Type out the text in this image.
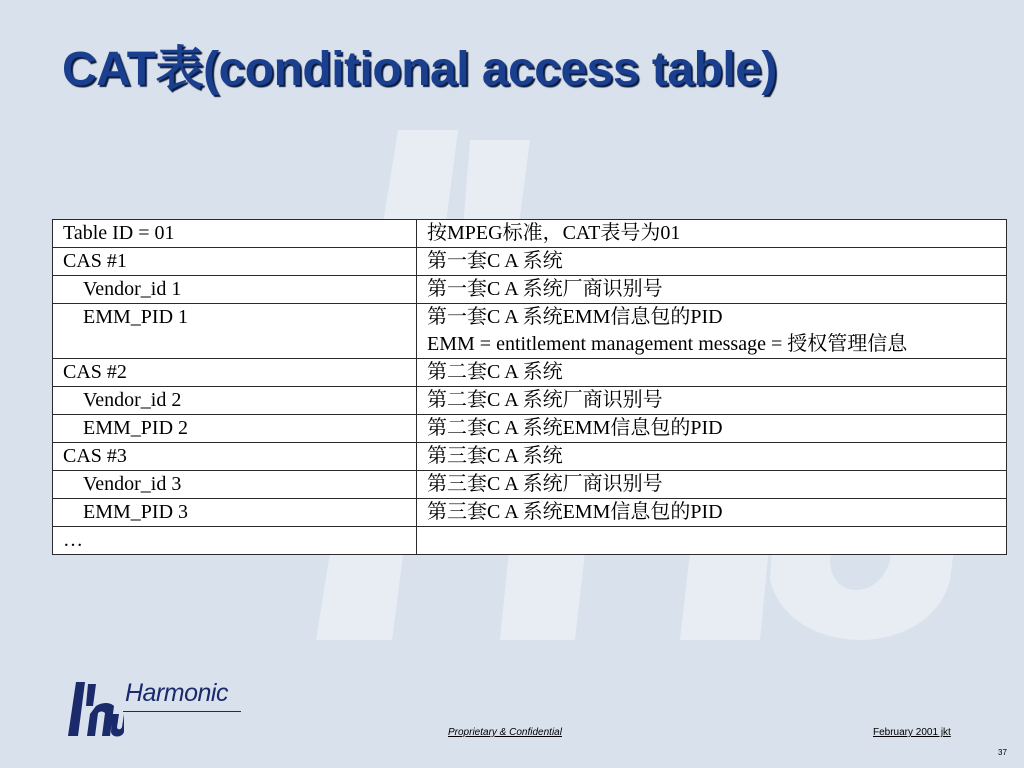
CAT表(conditional access table)
Table ID = 01	按MPEG标准，CAT表号为01

CAS #1	第一套C A 系统

Vendor_id 1	第一套C A 系统厂商识别号

EMM_PID 1	第一套C A 系统EMM信息包的PID
EMM = entitlement management message = 授权管理信息

CAS #2	第二套C A 系统

Vendor_id 2	第二套C A 系统厂商识别号

EMM_PID 2	第二套C A 系统EMM信息包的PID

CAS #3	第三套C A 系统

Vendor_id 3	第三套C A 系统厂商识别号

EMM_PID 3	第三套C A 系统EMM信息包的PID

…	
Harmonic
Proprietary & Confidential	February 2001 jkt
37
